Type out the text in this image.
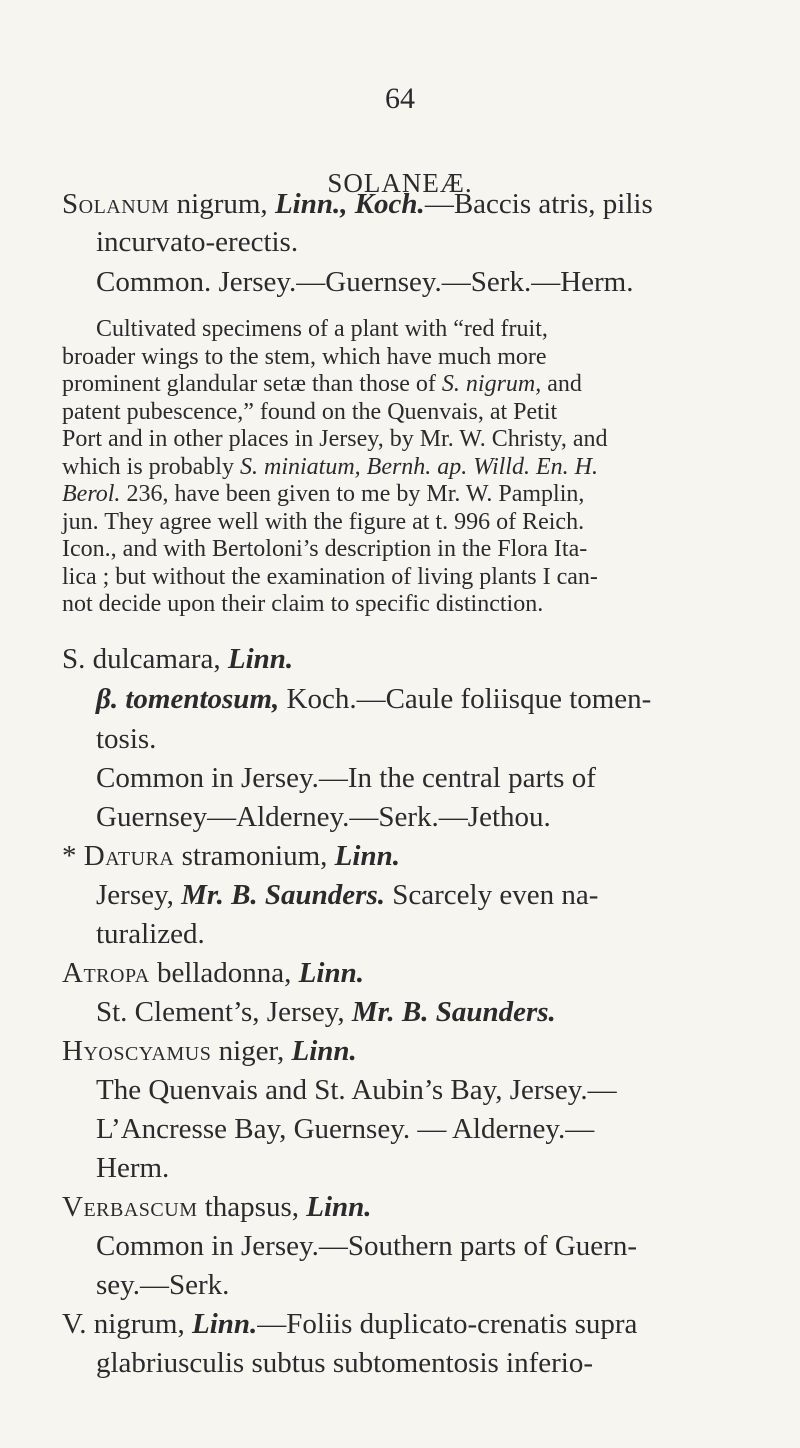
64
SOLANEÆ.
Solanum nigrum, Linn., Koch.—Baccis atris, pilis
incurvato-erectis.
Common. Jersey.—Guernsey.—Serk.—Herm.
Cultivated specimens of a plant with “red fruit,
broader wings to the stem, which have much more
prominent glandular setæ than those of S. nigrum, and
patent pubescence,” found on the Quenvais, at Petit
Port and in other places in Jersey, by Mr. W. Christy, and
which is probably S. miniatum, Bernh. ap. Willd. En. H.
Berol. 236, have been given to me by Mr. W. Pamplin,
jun. They agree well with the figure at t. 996 of Reich.
Icon., and with Bertoloni’s description in the Flora Ita-
lica ; but without the examination of living plants I can-
not decide upon their claim to specific distinction.
S. dulcamara, Linn.
β. tomentosum, Koch.—Caule foliisque tomen-
tosis.
Common in Jersey.—In the central parts of
Guernsey—Alderney.—Serk.—Jethou.
* Datura stramonium, Linn.
Jersey, Mr. B. Saunders. Scarcely even na-
turalized.
Atropa belladonna, Linn.
St. Clement’s, Jersey, Mr. B. Saunders.
Hyoscyamus niger, Linn.
The Quenvais and St. Aubin’s Bay, Jersey.—
L’Ancresse Bay, Guernsey. — Alderney.—
Herm.
Verbascum thapsus, Linn.
Common in Jersey.—Southern parts of Guern-
sey.—Serk.
V. nigrum, Linn.—Foliis duplicato-crenatis supra
glabriusculis subtus subtomentosis inferio-
